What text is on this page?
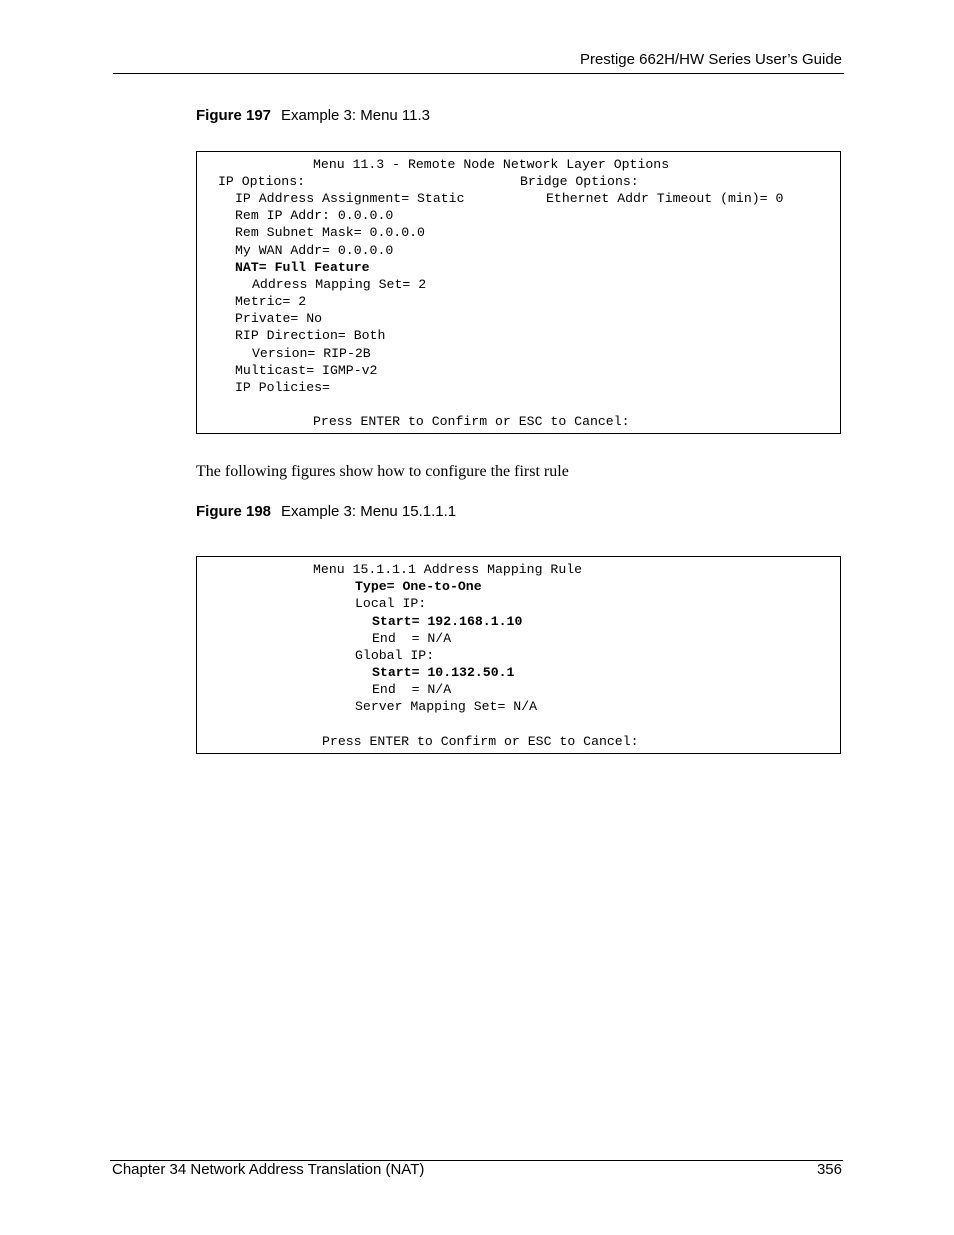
Prestige 662H/HW Series User’s Guide
Figure 197 Example 3: Menu 11.3
Menu 11.3 - Remote Node Network Layer Options
IP Options:	Bridge Options:
IP Address Assignment= Static	Ethernet Addr Timeout (min)= 0
Rem IP Addr: 0.0.0.0
Rem Subnet Mask= 0.0.0.0
My WAN Addr= 0.0.0.0
NAT= Full Feature
Address Mapping Set= 2
Metric= 2
Private= No
RIP Direction= Both
Version= RIP-2B
Multicast= IGMP-v2
IP Policies=
Press ENTER to Confirm or ESC to Cancel:
The following figures show how to configure the first rule
Figure 198 Example 3: Menu 15.1.1.1
Menu 15.1.1.1 Address Mapping Rule
Type= One-to-One
Local IP:
Start= 192.168.1.10
End  = N/A
Global IP:
Start= 10.132.50.1
End  = N/A
Server Mapping Set= N/A
Press ENTER to Confirm or ESC to Cancel:
Chapter 34 Network Address Translation (NAT)	356
